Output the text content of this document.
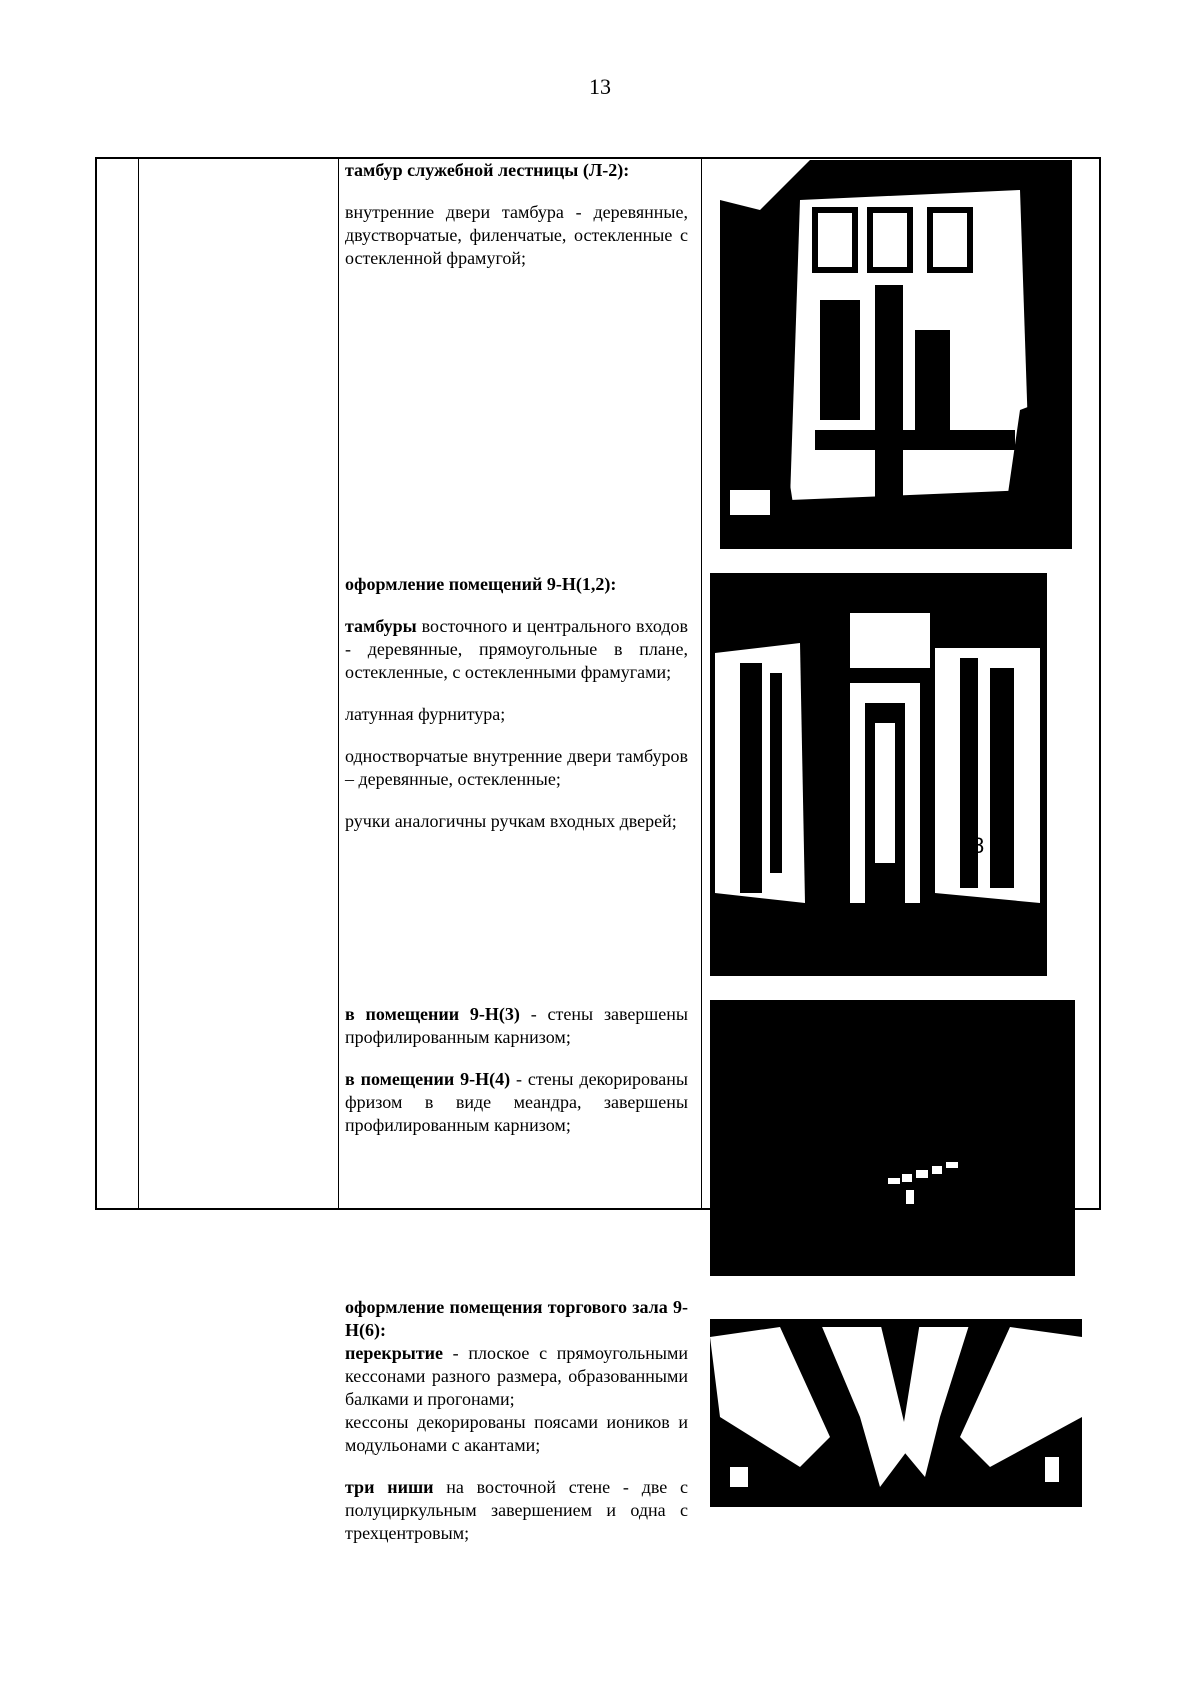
13

тамбур служебной лестницы (Л-2):

внутренние двери тамбура - деревянные, двустворчатые, филенчатые, остекленные с остекленной фрамугой;

оформление помещений 9-Н(1,2):

тамбуры восточного и центрального входов - деревянные, прямоугольные в плане, остекленные, с остекленными фрамугами;

латунная фурнитура;

одностворчатые внутренние двери тамбуров – деревянные, остекленные;

ручки аналогичны ручкам входных дверей;

в помещении 9-Н(3) - стены завершены профилированным карнизом;

в помещении 9-Н(4) - стены декорированы фризом в виде меандра, завершены профилированным карнизом;

оформление помещения торгового зала 9-Н(6):

перекрытие - плоское с прямоугольными кессонами разного размера, образованными балками и прогонами;

кессоны декорированы поясами иоников и модульонами с акантами;

три ниши на восточной стене - две с полуциркульным завершением и одна с трехцентровым;

8
